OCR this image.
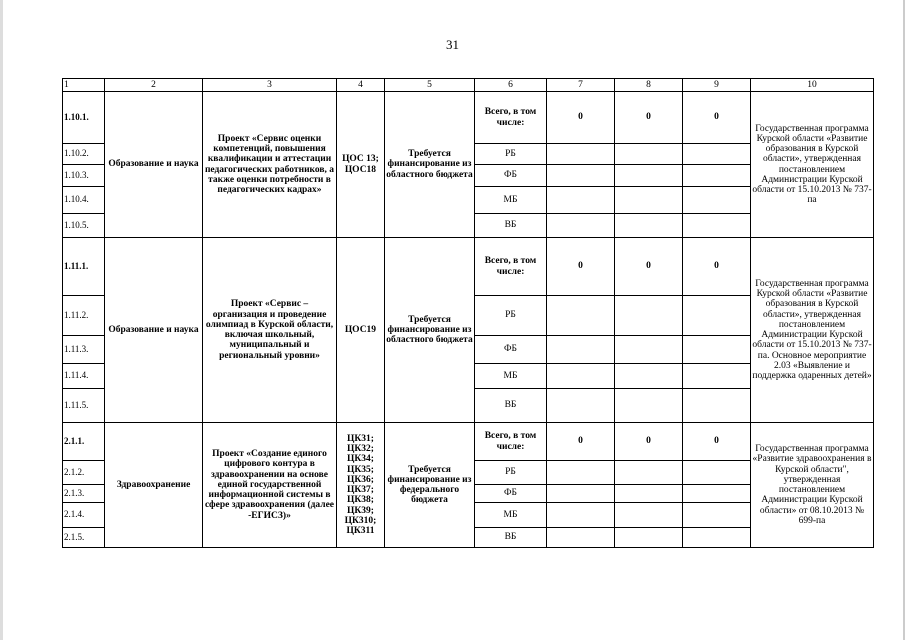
31
1	2	3	4	5	6	7	8	9	10
1.10.1.	Образование и наука	Проект «Сервис оценки компетенций, повышения квалификации и аттестации педагогических работников, а также оценки потребности в педагогических кадрах»	ЦОС 13; ЦОС18	Требуется финансирование из областного бюджета	Всего, в том числе:	0	0	0	Государственная программа Курской области «Развитие образования в Курской области», утвержденная постановлением Администрации Курской области от 15.10.2013 № 737-па
1.10.2.					РБ				
1.10.3.					ФБ				
1.10.4.					МБ				
1.10.5.					ВБ				
1.11.1.	Образование и наука	Проект «Сервис – организация и проведение олимпиад в Курской области, включая школьный, муниципальный и региональный уровни»	ЦОС19	Требуется финансирование из областного бюджета	Всего, в том числе:	0	0	0	Государственная программа Курской области «Развитие образования в Курской области», утвержденная постановлением Администрации Курской области от 15.10.2013 № 737-па. Основное мероприятие 2.03 «Выявление и поддержка одаренных детей»
1.11.2.					РБ				
1.11.3.					ФБ				
1.11.4.					МБ				
1.11.5.					ВБ				
2.1.1.	Здравоохранение	Проект «Создание единого цифрового контура в здравоохранении на основе единой государственной информационной системы в сфере здравоохранения (далее -ЕГИСЗ)»	ЦК31; ЦК32; ЦК34; ЦК35; ЦК36; ЦК37; ЦК38; ЦК39; ЦК310; ЦК311	Требуется финансирование из федерального бюджета	Всего, в том числе:	0	0	0	Государственная программа «Развитие здравоохранения в Курской области", утвержденная постановлением Администрации Курской области» от 08.10.2013 № 699-па
2.1.2.					РБ				
2.1.3.					ФБ				
2.1.4.					МБ				
2.1.5.					ВБ				
